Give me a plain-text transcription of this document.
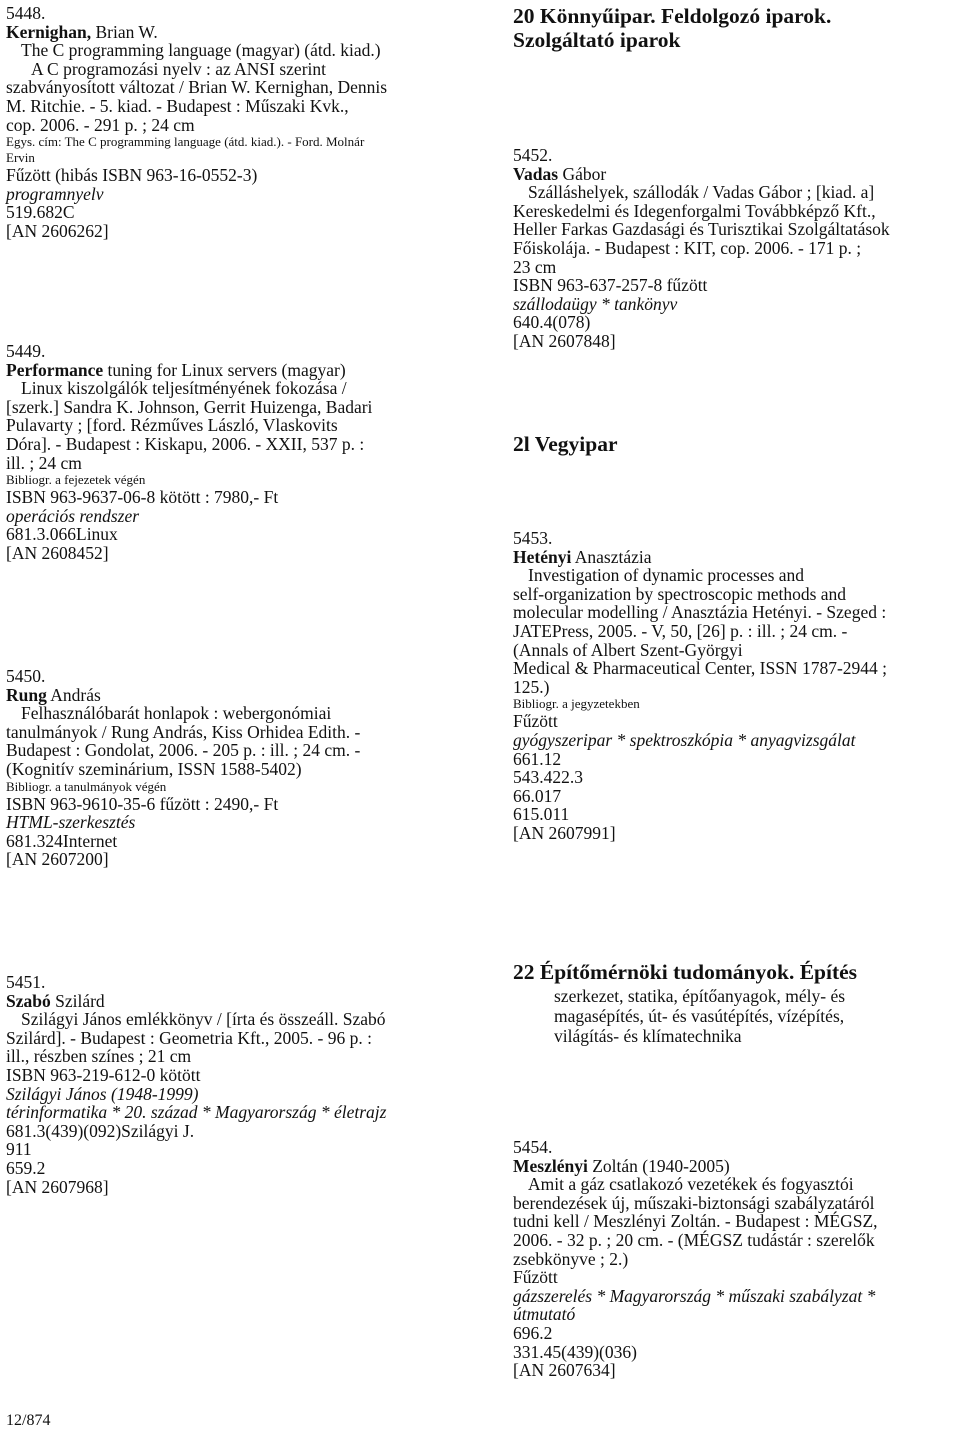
5448.
Kernighan, Brian W.
The C programming language (magyar) (átd. kiad.)
A C programozási nyelv : az ANSI szerint
szabványosított változat / Brian W. Kernighan, Dennis
M. Ritchie. - 5. kiad. - Budapest : Műszaki Kvk.,
cop. 2006. - 291 p. ; 24 cm
Egys. cím: The C programming language (átd. kiad.). - Ford. Molnár
Ervin
Fűzött (hibás ISBN 963-16-0552-3)
programnyelv
519.682C
[AN 2606262]
5449.
Performance tuning for Linux servers (magyar)
Linux kiszolgálók teljesítményének fokozása /
[szerk.] Sandra K. Johnson, Gerrit Huizenga, Badari
Pulavarty ; [ford. Rézműves László, Vlaskovits
Dóra]. - Budapest : Kiskapu, 2006. - XXII, 537 p. :
ill. ; 24 cm
Bibliogr. a fejezetek végén
ISBN 963-9637-06-8 kötött : 7980,- Ft
operációs rendszer
681.3.066Linux
[AN 2608452]
5450.
Rung András
Felhasználóbarát honlapok : webergonómiai
tanulmányok / Rung András, Kiss Orhidea Edith. -
Budapest : Gondolat, 2006. - 205 p. : ill. ; 24 cm. -
(Kognitív szeminárium, ISSN 1588-5402)
Bibliogr. a tanulmányok végén
ISBN 963-9610-35-6 fűzött : 2490,- Ft
HTML-szerkesztés
681.324Internet
[AN 2607200]
5451.
Szabó Szilárd
Szilágyi János emlékkönyv / [írta és összeáll. Szabó
Szilárd]. - Budapest : Geometria Kft., 2005. - 96 p. :
ill., részben színes ; 21 cm
ISBN 963-219-612-0 kötött
Szilágyi János (1948-1999)
térinformatika * 20. század * Magyarország * életrajz
681.3(439)(092)Szilágyi J.
911
659.2
[AN 2607968]
12/874
20 Könnyűipar. Feldolgozó iparok.
Szolgáltató iparok
5452.
Vadas Gábor
Szálláshelyek, szállodák / Vadas Gábor ; [kiad. a]
Kereskedelmi és Idegenforgalmi Továbbképző Kft.,
Heller Farkas Gazdasági és Turisztikai Szolgáltatások
Főiskolája. - Budapest : KIT, cop. 2006. - 171 p. ;
23 cm
ISBN 963-637-257-8 fűzött
szállodaügy * tankönyv
640.4(078)
[AN 2607848]
2l Vegyipar
5453.
Hetényi Anasztázia
Investigation of dynamic processes and
self-organization by spectroscopic methods and
molecular modelling / Anasztázia Hetényi. - Szeged :
JATEPress, 2005. - V, 50, [26] p. : ill. ; 24 cm. -
(Annals of Albert Szent-Györgyi
Medical & Pharmaceutical Center, ISSN 1787-2944 ;
125.)
Bibliogr. a jegyzetekben
Fűzött
gyógyszeripar * spektroszkópia * anyagvizsgálat
661.12
543.422.3
66.017
615.011
[AN 2607991]
22 Építőmérnöki tudományok. Építés
szerkezet, statika, építőanyagok, mély- és
magasépítés, út- és vasútépítés, vízépítés,
világítás- és klímatechnika
5454.
Meszlényi Zoltán (1940-2005)
Amit a gáz csatlakozó vezetékek és fogyasztói
berendezések új, műszaki-biztonsági szabályzatáról
tudni kell / Meszlényi Zoltán. - Budapest : MÉGSZ,
2006. - 32 p. ; 20 cm. - (MÉGSZ tudástár : szerelők
zsebkönyve ; 2.)
Fűzött
gázszerelés * Magyarország * műszaki szabályzat *
útmutató
696.2
331.45(439)(036)
[AN 2607634]
